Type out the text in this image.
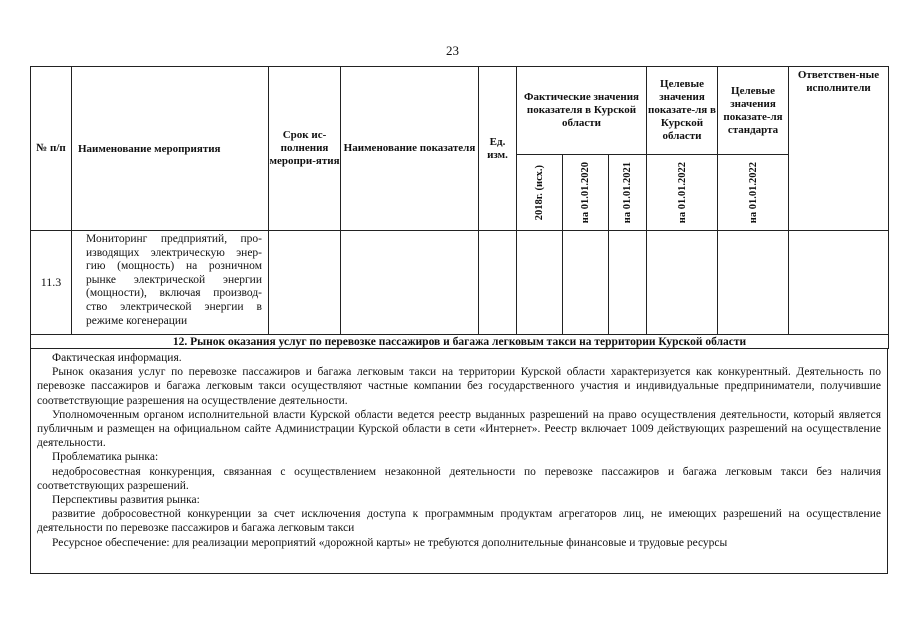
23
№ п/п	Наименование мероприятия	Срок ис-полнения меропри-ятия	Наименование показателя	Ед. изм.	Фактические значения показателя в Курской области			Целевые значения показате-ля в Курской области	Целевые значения показате-ля стандарта	Ответствен-ные исполнители

					2018г. (исх.)	на 01.01.2020	на 01.01.2021	на 01.01.2022	на 01.01.2022	

11.3	Мониторинг предприятий, про-изводящих электрическую энер-гию (мощность) на розничном рынке электрической энергии (мощности), включая производ-ство электрической энергии в режиме когенерации									
12. Рынок оказания услуг по перевозке пассажиров и багажа легковым такси на территории Курской области										

Фактическая информация.

Рынок оказания услуг по перевозке пассажиров и багажа легковым такси на территории Курской области характеризуется как конкурентный. Деятельность по перевозке пассажиров и багажа легковым такси осуществляют частные компании без государственного участия и индивидуальные предприниматели, получившие соответствующие разрешения на осуществление деятельности.

Уполномоченным органом исполнительной власти Курской области ведется реестр выданных разрешений на право осуществления деятельности, который является публичным и размещен на официальном сайте Администрации Курской области в сети «Интернет». Реестр включает 1009 действующих разрешений на осуществление деятельности.

Проблематика рынка:

недобросовестная конкуренция, связанная с осуществлением незаконной деятельности по перевозке пассажиров и багажа легковым такси без наличия соответствующих разрешений.

Перспективы развития рынка:

развитие добросовестной конкуренции за счет исключения доступа к программным продуктам агрегаторов лиц, не имеющих разрешений на осуществление деятельности по перевозке пассажиров и багажа легковым такси

Ресурсное обеспечение: для реализации мероприятий «дорожной карты» не требуются дополнительные финансовые и трудовые ресурсы
